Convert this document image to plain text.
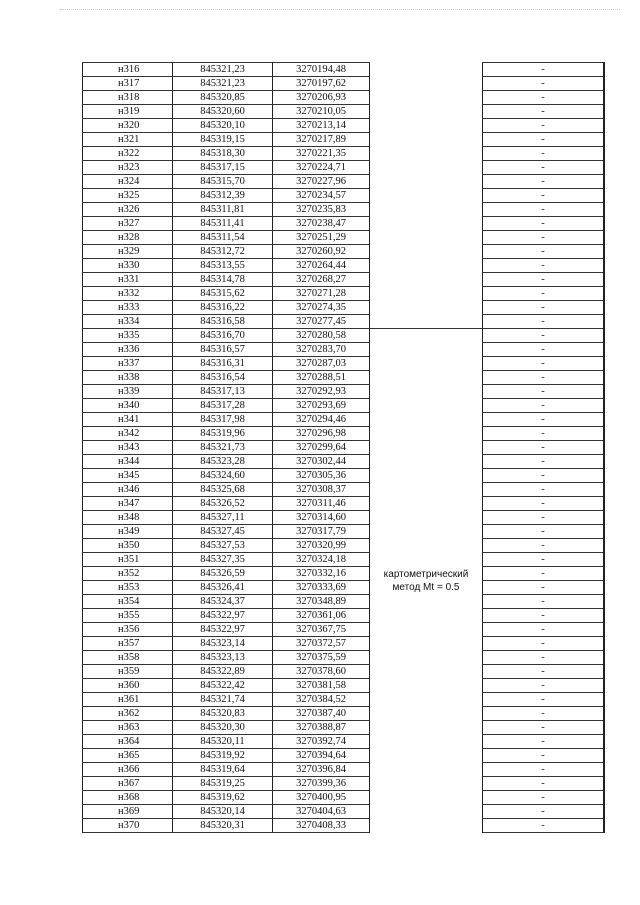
н316	845321,23	3270194,48		-
н317	845321,23	3270197,62		-
н318	845320,85	3270206,93		-
н319	845320,60	3270210,05		-
н320	845320,10	3270213,14		-
н321	845319,15	3270217,89		-
н322	845318,30	3270221,35		-
н323	845317,15	3270224,71		-
н324	845315,70	3270227,96		-
н325	845312,39	3270234,57		-
н326	845311,81	3270235,83		-
н327	845311,41	3270238,47		-
н328	845311,54	3270251,29		-
н329	845312,72	3270260,92		-
н330	845313,55	3270264,44		-
н331	845314,78	3270268,27		-
н332	845315,62	3270271,28		-
н333	845316,22	3270274,35		-
н334	845316,58	3270277,45		-
н335	845316,70	3270280,58	картометрический
метод Mt = 0.5	-
н336	845316,57	3270283,70		-
н337	845316,31	3270287,03		-
н338	845316,54	3270288,51		-
н339	845317,13	3270292,93		-
н340	845317,28	3270293,69		-
н341	845317,98	3270294,46		-
н342	845319,96	3270296,98		-
н343	845321,73	3270299,64		-
н344	845323,28	3270302,44		-
н345	845324,60	3270305,36		-
н346	845325,68	3270308,37		-
н347	845326,52	3270311,46		-
н348	845327,11	3270314,60		-
н349	845327,45	3270317,79		-
н350	845327,53	3270320,99		-
н351	845327,35	3270324,18		-
н352	845326,59	3270332,16		-
н353	845326,41	3270333,69		-
н354	845324,37	3270348,89		-
н355	845322,97	3270361,06		-
н356	845322,97	3270367,75		-
н357	845323,14	3270372,57		-
н358	845323,13	3270375,59		-
н359	845322,89	3270378,60		-
н360	845322,42	3270381,58		-
н361	845321,74	3270384,52		-
н362	845320,83	3270387,40		-
н363	845320,30	3270388,87		-
н364	845320,11	3270392,74		-
н365	845319,92	3270394,64		-
н366	845319,64	3270396,84		-
н367	845319,25	3270399,36		-
н368	845319,62	3270400,95		-
н369	845320,14	3270404,63		-
н370	845320,31	3270408,33		-
